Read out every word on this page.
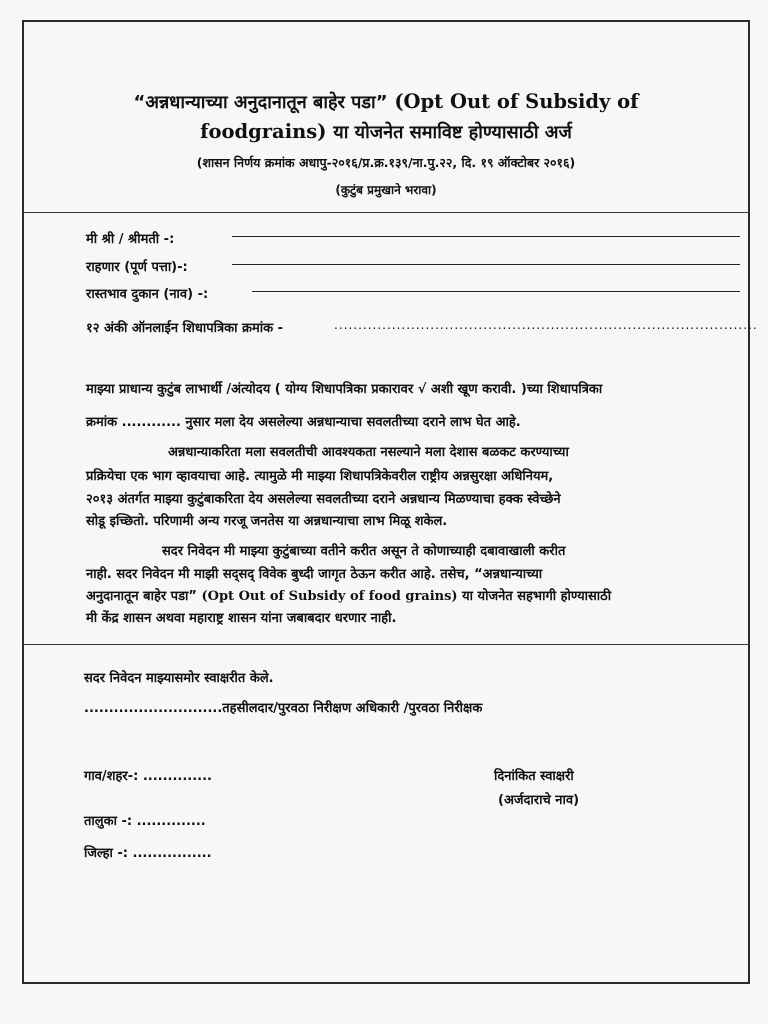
“अन्नधान्याच्या अनुदानातून बाहेर पडा” (Opt Out of Subsidy of
foodgrains) या योजनेत समाविष्ट होण्यासाठी अर्ज
(शासन निर्णय क्रमांक अधापु-२०१६/प्र.क्र.१३९/ना.पु.२२, दि. १९ ऑक्टोबर २०१६)
(कुटुंब प्रमुखाने भरावा)
मी श्री / श्रीमती -:
राहणार (पूर्ण पत्ता)-:
रास्तभाव दुकान (नाव) -:
१२ अंकी ऑनलाईन शिधापत्रिका क्रमांक -	........................................................................................
माझ्या प्राधान्य कुटुंब लाभार्थी /अंत्योदय ( योग्य शिधापत्रिका प्रकारावर √ अशी खूण करावी. )च्या शिधापत्रिका
क्रमांक ............ नुसार मला देय असलेल्या अन्नधान्याचा सवलतीच्या दराने लाभ घेत आहे.
अन्नधान्याकरिता मला सवलतीची आवश्यकता नसल्याने मला देशास बळकट करण्याच्या
प्रक्रियेचा एक भाग व्हावयाचा आहे. त्यामुळे मी माझ्या शिधापत्रिकेवरील राष्ट्रीय अन्नसुरक्षा अधिनियम,
२०१३ अंतर्गत माझ्या कुटुंबाकरिता देय असलेल्या सवलतीच्या दराने अन्नधान्य मिळण्याचा हक्क स्वेच्छेने
सोडू इच्छितो. परिणामी अन्य गरजू जनतेस या अन्नधान्याचा लाभ मिळू शकेल.
सदर निवेदन मी माझ्या कुटुंबाच्या वतीने करीत असून ते कोणाच्याही दबावाखाली करीत
नाही. सदर निवेदन मी माझी सद्सद् विवेक बुध्दी जागृत ठेऊन करीत आहे. तसेच, “अन्नधान्याच्या
अनुदानातून बाहेर पडा” (Opt Out of Subsidy of food grains) या योजनेत सहभागी होण्यासाठी
मी केंद्र शासन अथवा महाराष्ट्र शासन यांना जबाबदार धरणार नाही.
सदर निवेदन माझ्यासमोर स्वाक्षरीत केले.
............................तहसीलदार/पुरवठा निरीक्षण अधिकारी /पुरवठा निरीक्षक
गाव/शहर-: ..............
तालुका -: ..............
जिल्हा -: ................
दिनांकित स्वाक्षरी
(अर्जदाराचे नाव)
